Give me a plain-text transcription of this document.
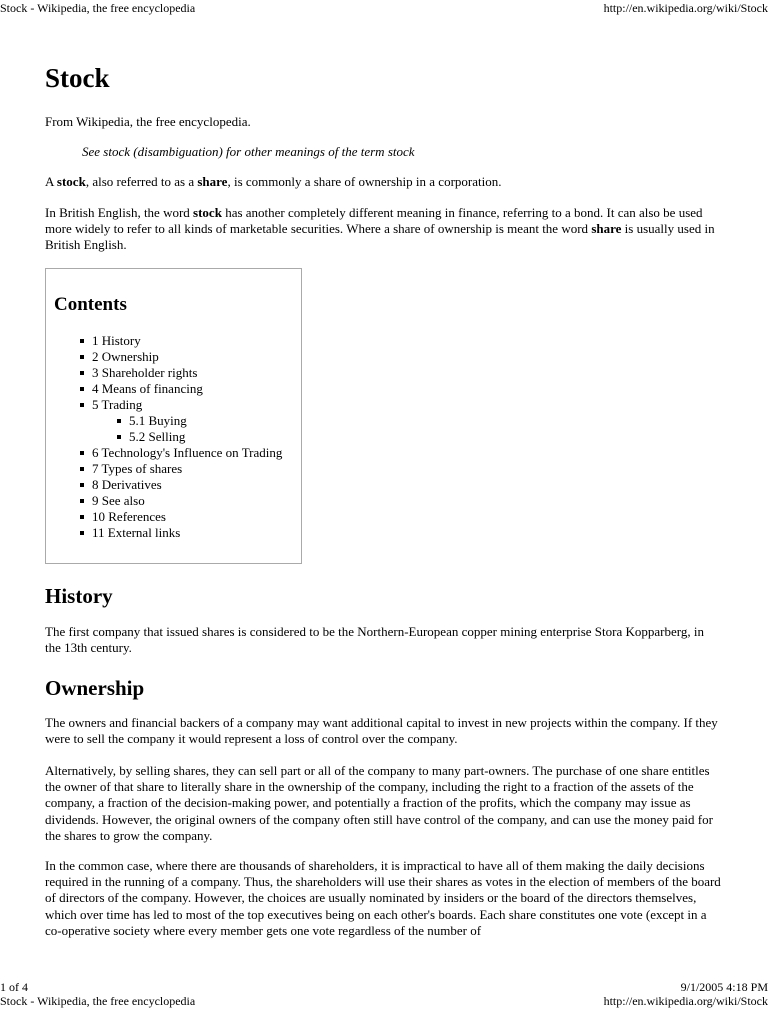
Stock - Wikipedia, the free encyclopedia	http://en.wikipedia.org/wiki/Stock
Stock

From Wikipedia, the free encyclopedia.

See stock (disambiguation) for other meanings of the term stock

A stock, also referred to as a share, is commonly a share of ownership in a corporation.

In British English, the word stock has another completely different meaning in finance, referring to a bond. It can also be used more widely to refer to all kinds of marketable securities. Where a share of ownership is meant the word share is usually used in British English.

Contents
1 History
2 Ownership
3 Shareholder rights
4 Means of financing
5 Trading
5.1 Buying
5.2 Selling
6 Technology's Influence on Trading
7 Types of shares
8 Derivatives
9 See also
10 References
11 External links
History

The first company that issued shares is considered to be the Northern-European copper mining enterprise Stora Kopparberg, in the 13th century.

Ownership

The owners and financial backers of a company may want additional capital to invest in new projects within the company. If they were to sell the company it would represent a loss of control over the company.

Alternatively, by selling shares, they can sell part or all of the company to many part-owners. The purchase of one share entitles the owner of that share to literally share in the ownership of the company, including the right to a fraction of the assets of the company, a fraction of the decision-making power, and potentially a fraction of the profits, which the company may issue as dividends. However, the original owners of the company often still have control of the company, and can use the money paid for the shares to grow the company.

In the common case, where there are thousands of shareholders, it is impractical to have all of them making the daily decisions required in the running of a company. Thus, the shareholders will use their shares as votes in the election of members of the board of directors of the company. However, the choices are usually nominated by insiders or the board of the directors themselves, which over time has led to most of the top executives being on each other's boards. Each share constitutes one vote (except in a co-operative society where every member gets one vote regardless of the number of

1 of 4	9/1/2005 4:18 PM
Stock - Wikipedia, the free encyclopedia	http://en.wikipedia.org/wiki/Stock
